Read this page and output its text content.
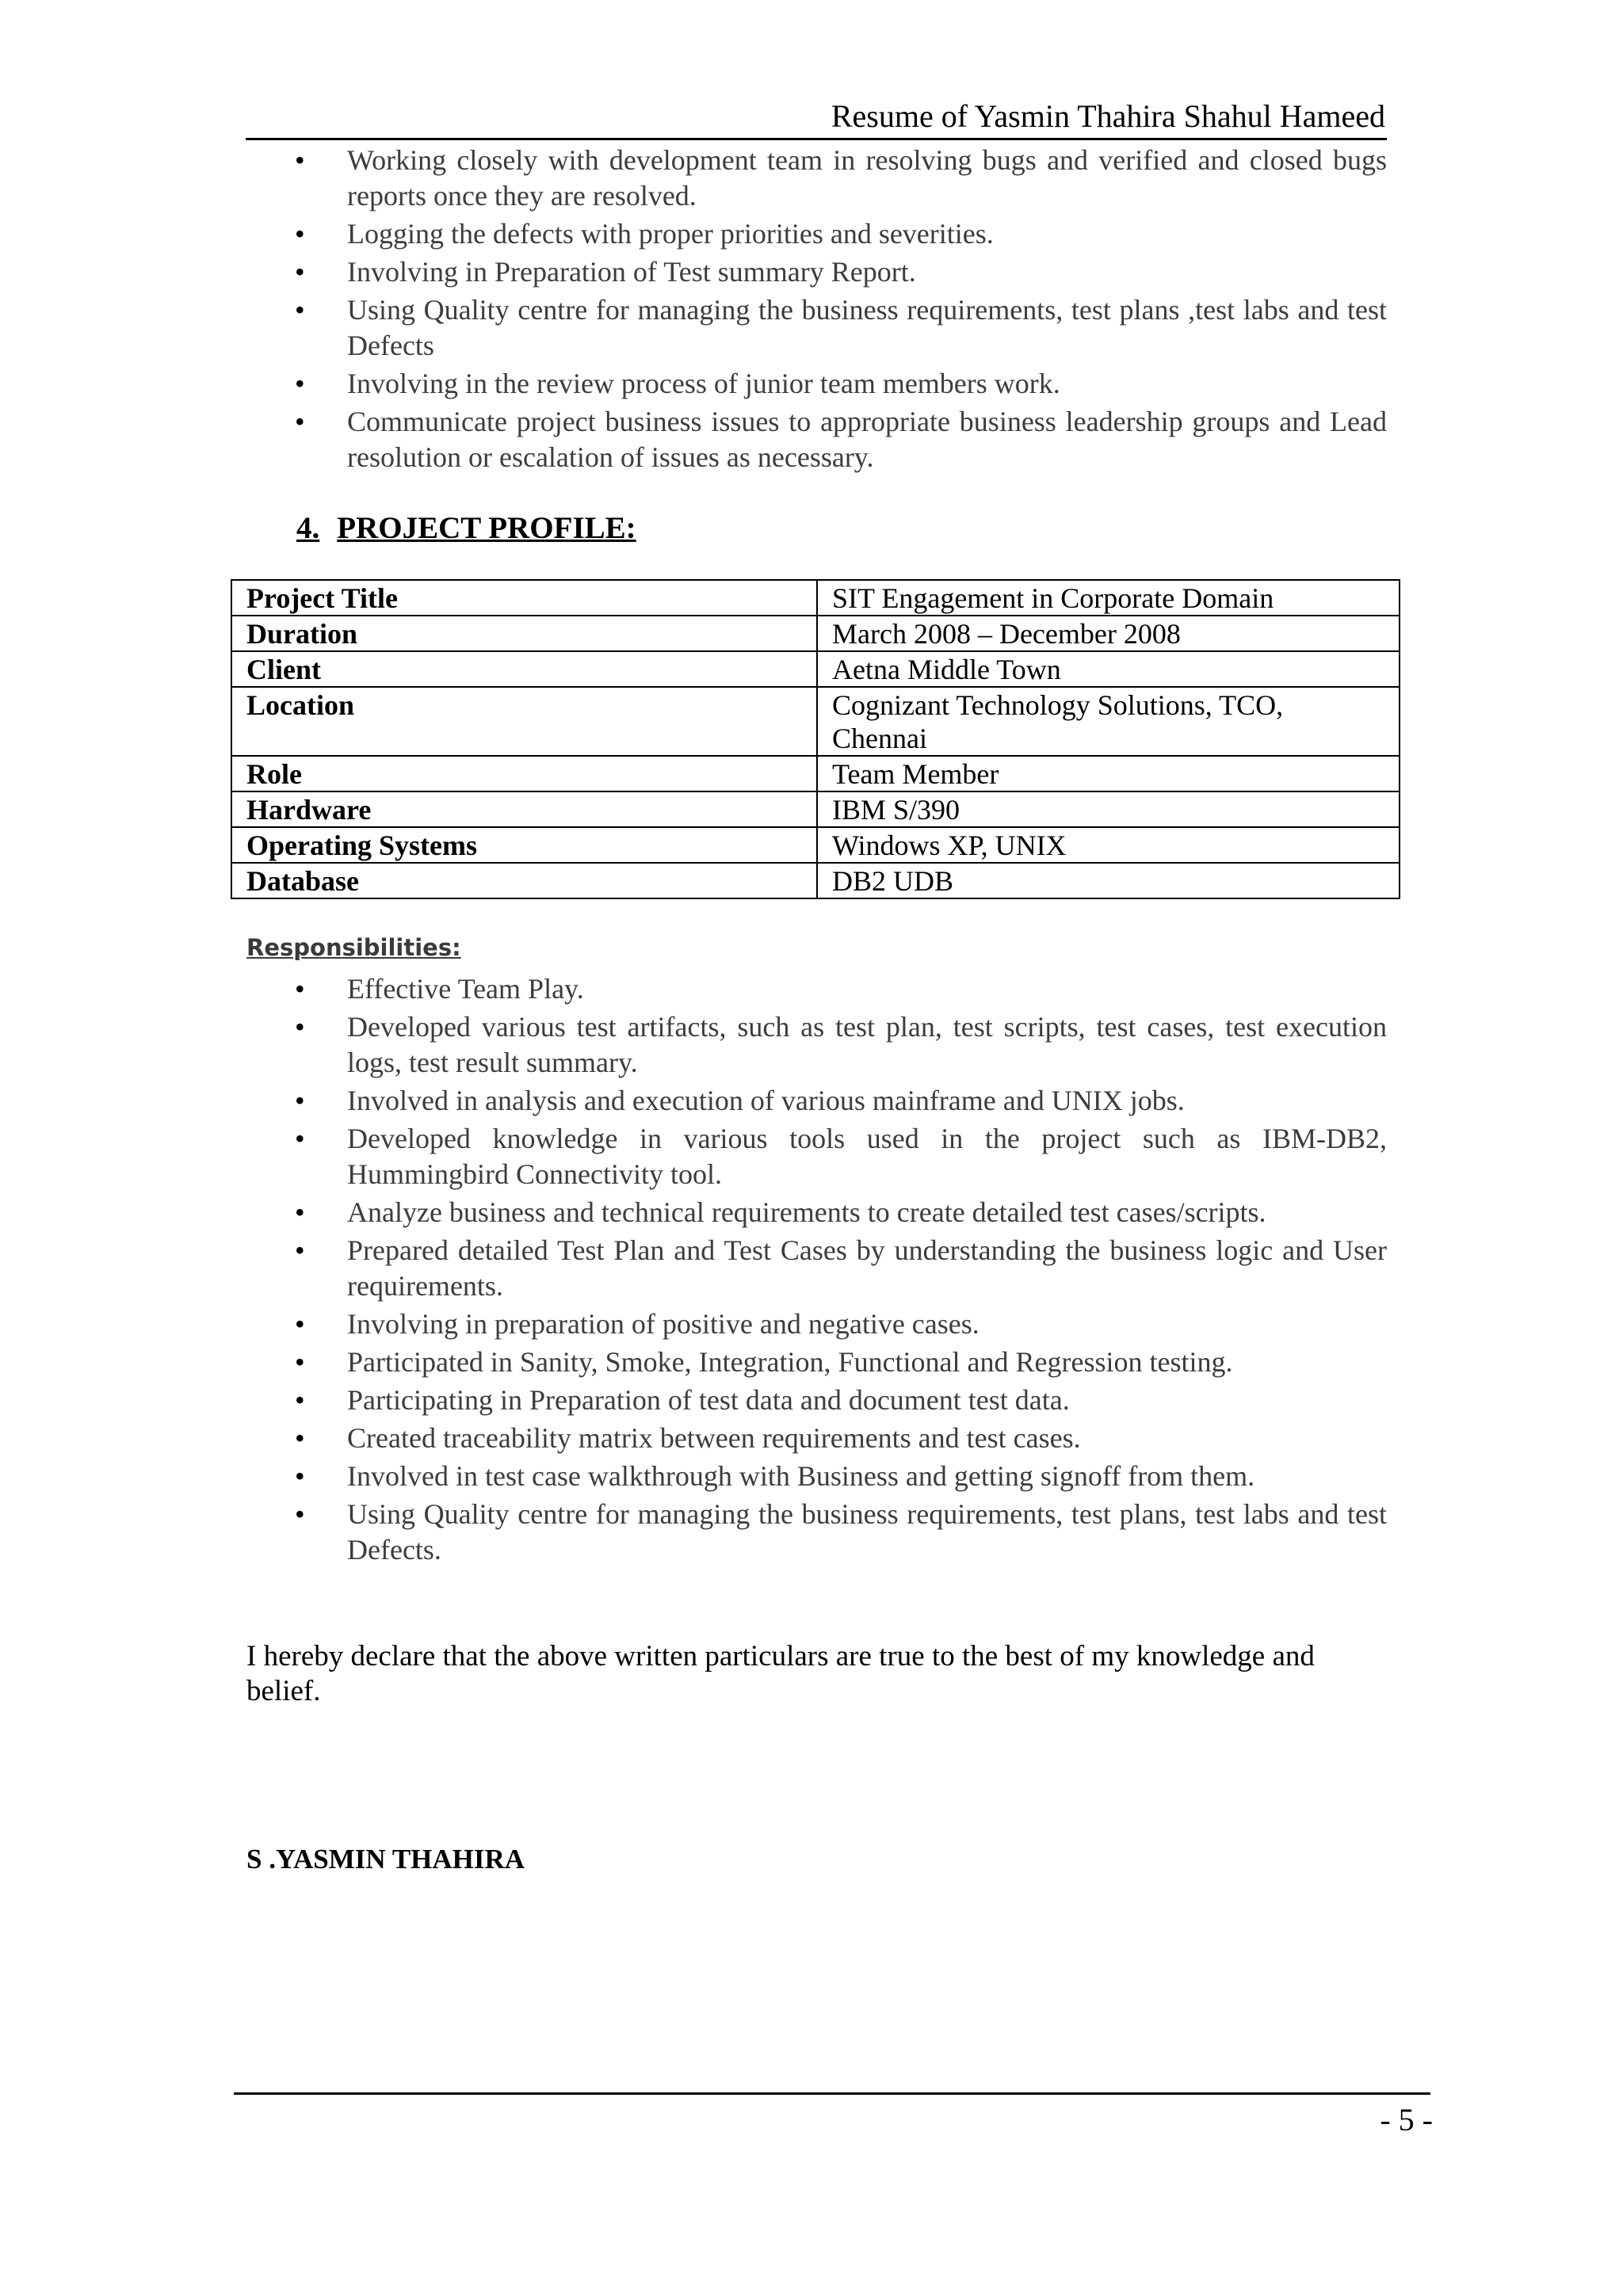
Resume of Yasmin Thahira Shahul Hameed
• Working closely with development team in resolving bugs and verified and closed bugs reports once they are resolved.
• Logging the defects with proper priorities and severities.
• Involving in Preparation of Test summary Report.
• Using Quality centre for managing the business requirements, test plans ,test labs and test Defects
• Involving in the review process of junior team members work.
• Communicate project business issues to appropriate business leadership groups and Lead resolution or escalation of issues as necessary.
4. PROJECT PROFILE:
Project Title	SIT Engagement in Corporate Domain
Duration	March 2008 – December 2008
Client	Aetna Middle Town
Location	Cognizant Technology Solutions, TCO, Chennai
Role	Team Member
Hardware	IBM S/390
Operating Systems	Windows XP, UNIX
Database	DB2 UDB
Responsibilities:
• Effective Team Play.
• Developed various test artifacts, such as test plan, test scripts, test cases, test execution logs, test result summary.
• Involved in analysis and execution of various mainframe and UNIX jobs.
• Developed knowledge in various tools used in the project such as IBM-DB2, Hummingbird Connectivity tool.
• Analyze business and technical requirements to create detailed test cases/scripts.
• Prepared detailed Test Plan and Test Cases by understanding the business logic and User requirements.
• Involving in preparation of positive and negative cases.
• Participated in Sanity, Smoke, Integration, Functional and Regression testing.
• Participating in Preparation of test data and document test data.
• Created traceability matrix between requirements and test cases.
• Involved in test case walkthrough with Business and getting signoff from them.
• Using Quality centre for managing the business requirements, test plans, test labs and test Defects.
I hereby declare that the above written particulars are true to the best of my knowledge and belief.
S .YASMIN THAHIRA
- 5 -
